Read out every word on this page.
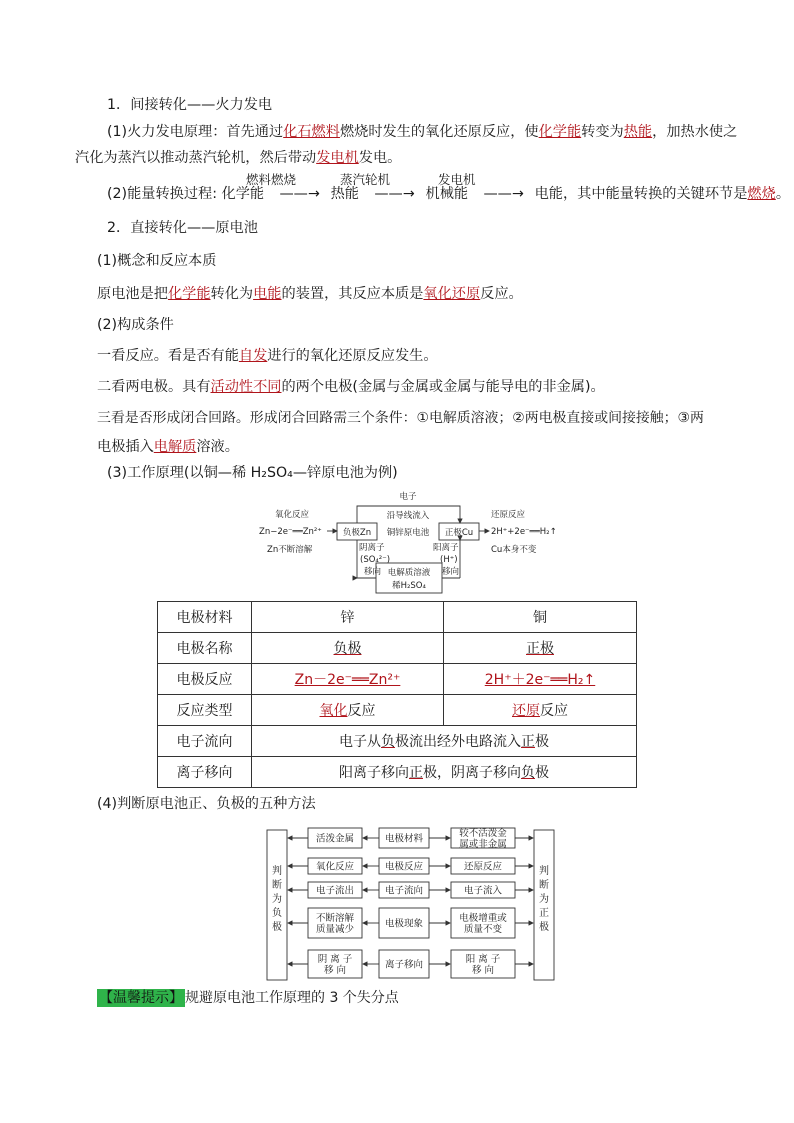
1．间接转化——火力发电
(1)火力发电原理：首先通过化石燃料燃烧时发生的氧化还原反应，使化学能转变为热能，加热水使之
汽化为蒸汽以推动蒸汽轮机，然后带动发电机发电。
(2)能量转换过程: 化学能 ——→ 热能 ——→ 机械能 ——→ 电能，其中能量转换的关键环节是燃烧。
燃料燃烧	蒸汽轮机	发电机
2．直接转化——原电池
(1)概念和反应本质
原电池是把化学能转化为电能的装置，其反应本质是氧化还原反应。
(2)构成条件
一看反应。看是否有能自发进行的氧化还原反应发生。
二看两电极。具有活动性不同的两个电极(金属与金属或金属与能导电的非金属)。
三看是否形成闭合回路。形成闭合回路需三个条件：①电解质溶液；②两电极直接或间接接触；③两
电极插入电解质溶液。
(3)工作原理(以铜—稀 H₂SO₄—锌原电池为例)
电子
沿导线流入
氧化反应
Zn−2e⁻══Zn²⁺
Zn不断溶解
负极Zn 铜锌原电池 正极Cu
还原反应
2H⁺+2e⁻══H₂↑
Cu本身不变
阴离子
(SO₄²⁻)
移向
阳离子
(H⁺)
移向
电解质溶液
稀H₂SO₄
电极材料	锌	铜
电极名称	负极	正极
电极反应	Zn－2e⁻══Zn²⁺	2H⁺＋2e⁻══H₂↑
反应类型	氧化反应	还原反应
电子流向	电子从负极流出经外电路流入正极	
离子移向	阳离子移向正极，阴离子移向负极	
(4)判断原电池正、负极的五种方法
活泼金属	电极材料	较不活泼金
属或非金属
氧化反应	电极反应	还原反应
电子流出	电子流向	电子流入
不断溶解
质量减少	电极现象	电极增重或
质量不变
阴 离 子
移 向	离子移向	阳 离 子
移 向
判断为负极
判断为正极
【温馨提示】 规避原电池工作原理的 3 个失分点
